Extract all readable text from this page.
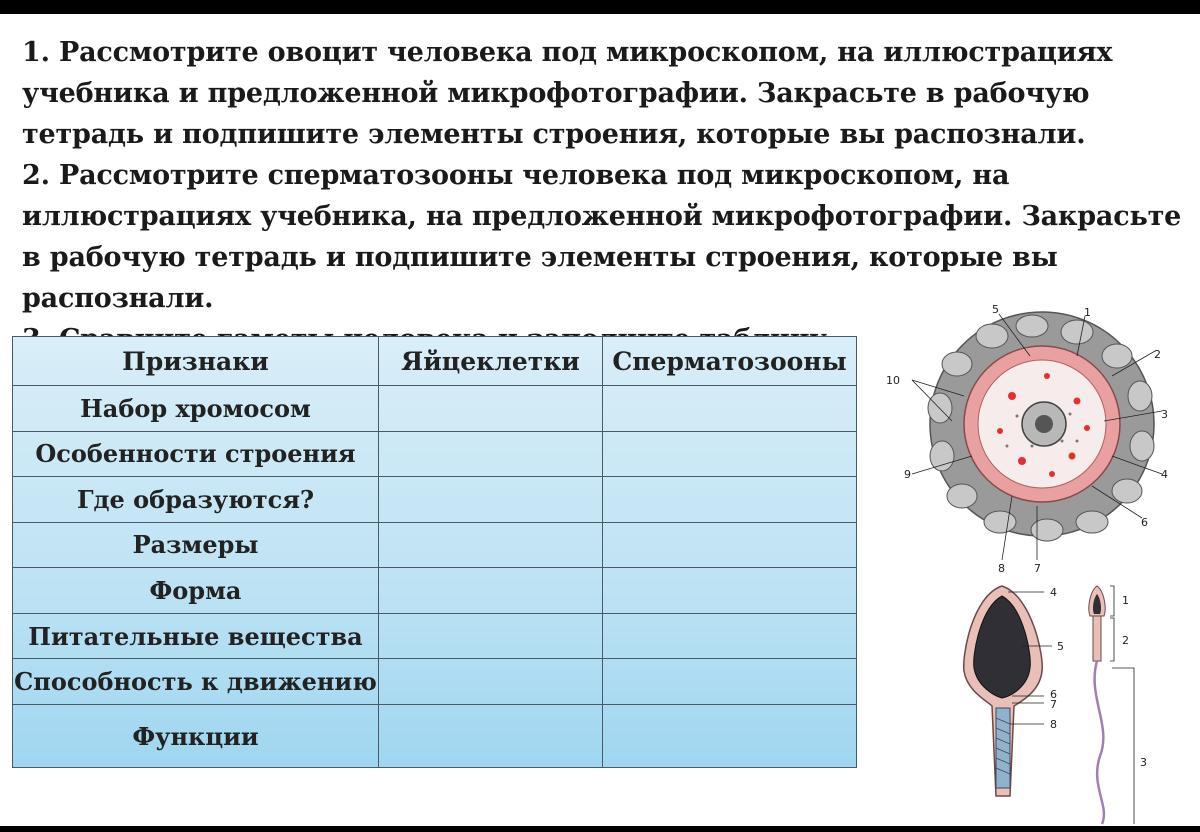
1. Рассмотрите овоцит человека под микроскопом, на иллюстрациях учебника и предложенной микрофотографии. Закрасьте в рабочую тетрадь и подпишите элементы строения, которые вы распознали.

2. Рассмотрите сперматозооны человека под микроскопом, на иллюстрациях учебника, на предложенной микрофотографии. Закрасьте в рабочую тетрадь и подпишите элементы строения, которые вы распознали.

Признаки	Яйцеклетки	Сперматозооны
Набор хромосом		
Особенности строения		
Где образуются?		
Размеры		
Форма		
Питательные вещества		
Способность к движению		
Функции		
5	1
2
3
10
9	4
6
8	7
4
5
6
7
8
1
2
3
